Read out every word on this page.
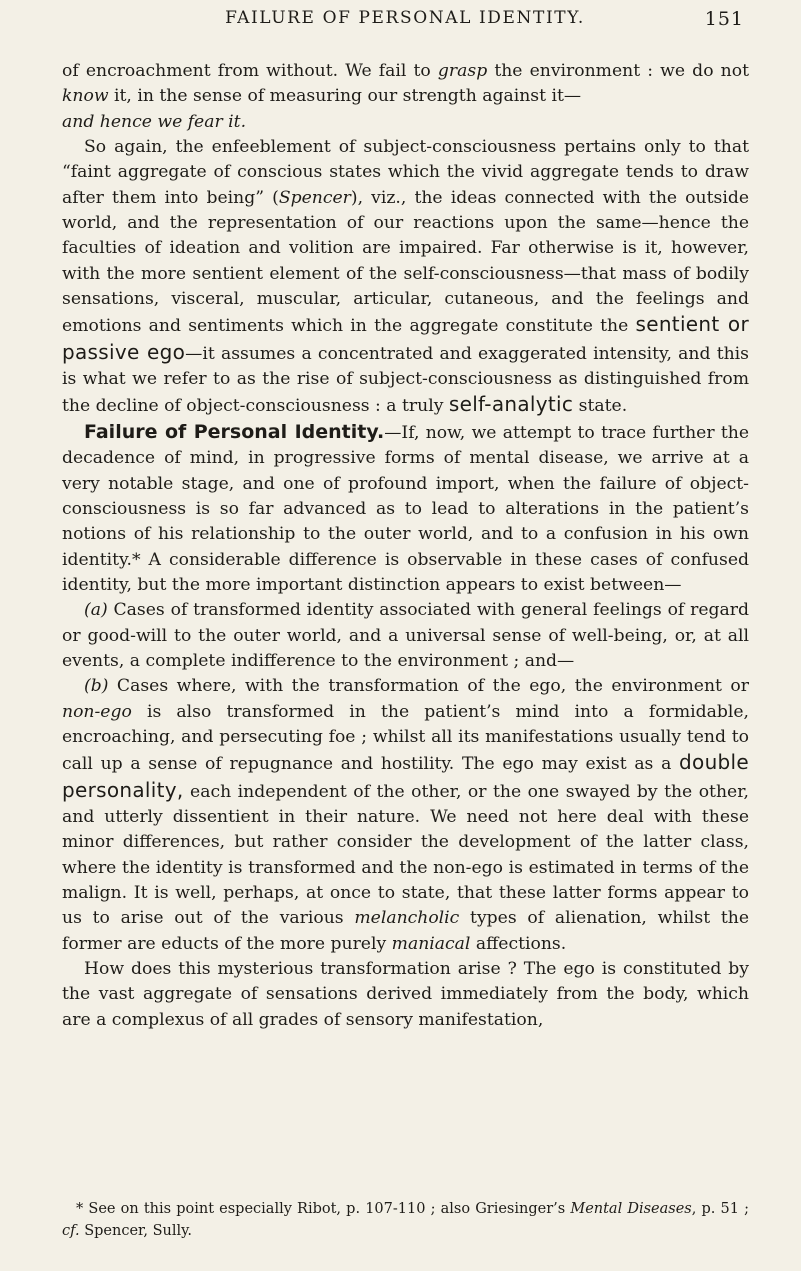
FAILURE OF PERSONAL IDENTITY.	151

of encroachment from without. We fail to grasp the environment : we do not know it, in the sense of measuring our strength against it—
and hence we fear it.

So again, the enfeeblement of subject-consciousness pertains only to that “faint aggregate of conscious states which the vivid aggregate tends to draw after them into being” (Spencer), viz., the ideas connected with the outside world, and the representation of our reactions upon the same—hence the faculties of ideation and volition are impaired. Far otherwise is it, however, with the more sentient element of the self-consciousness—that mass of bodily sensations, visceral, muscular, articular, cutaneous, and the feelings and emotions and sentiments which in the aggregate constitute the sentient or passive ego—it assumes a concentrated and exaggerated intensity, and this is what we refer to as the rise of subject-consciousness as distinguished from the decline of object-consciousness : a truly self-analytic state.

Failure of Personal Identity.—If, now, we attempt to trace further the decadence of mind, in progressive forms of mental disease, we arrive at a very notable stage, and one of profound import, when the failure of object-consciousness is so far advanced as to lead to alterations in the patient’s notions of his relationship to the outer world, and to a confusion in his own identity.* A considerable difference is observable in these cases of confused identity, but the more important distinction appears to exist between—

(a) Cases of transformed identity associated with general feelings of regard or good-will to the outer world, and a universal sense of well-being, or, at all events, a complete indifference to the environment ; and—

(b) Cases where, with the transformation of the ego, the environment or non-ego is also transformed in the patient’s mind into a formidable, encroaching, and persecuting foe ; whilst all its manifestations usually tend to call up a sense of repugnance and hostility. The ego may exist as a double personality, each independent of the other, or the one swayed by the other, and utterly dissentient in their nature. We need not here deal with these minor differences, but rather consider the development of the latter class, where the identity is transformed and the non-ego is estimated in terms of the malign. It is well, perhaps, at once to state, that these latter forms appear to us to arise out of the various melancholic types of alienation, whilst the former are educts of the more purely maniacal affections.

How does this mysterious transformation arise ? The ego is constituted by the vast aggregate of sensations derived immediately from the body, which are a complexus of all grades of sensory manifestation,

* See on this point especially Ribot, p. 107-110 ; also Griesinger’s Mental Diseases, p. 51 ; cf. Spencer, Sully.
